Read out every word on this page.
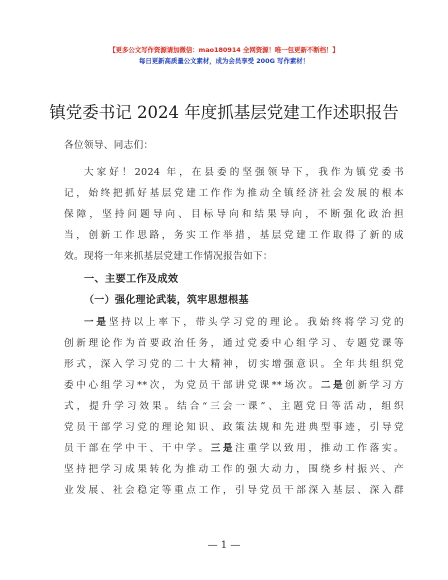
【更多公文写作资源请加微信：mao180914 全网资源！唯一包更新不断档！】
每日更新高质量公文素材，成为会员享受 200G 写作素材！
镇党委书记 2024 年度抓基层党建工作述职报告
各位领导、同志们：
大家好！2024 年，在县委的坚强领导下，我作为镇党委书
记，始终把抓好基层党建工作作为推动全镇经济社会发展的根本
保障，坚持问题导向、目标导向和结果导向，不断强化政治担
当，创新工作思路，务实工作举措，基层党建工作取得了新的成
效。现将一年来抓基层党建工作情况报告如下：
一、主要工作及成效
（一）强化理论武装，筑牢思想根基
一是坚持以上率下，带头学习党的理论。我始终将学习党的
创新理论作为首要政治任务，通过党委中心组学习、专题党课等
形式，深入学习党的二十大精神，切实增强意识。全年共组织党
委中心组学习**次，为党员干部讲党课**场次。二是创新学习方
式，提升学习效果。结合“三会一课”、主题党日等活动，组织
党员干部学习党的理论知识、政策法规和先进典型事迹，引导党
员干部在学中干、干中学。三是注重学以致用，推动工作落实。
坚持把学习成果转化为推动工作的强大动力，围绕乡村振兴、产
业发展、社会稳定等重点工作，引导党员干部深入基层、深入群
— 1 —
